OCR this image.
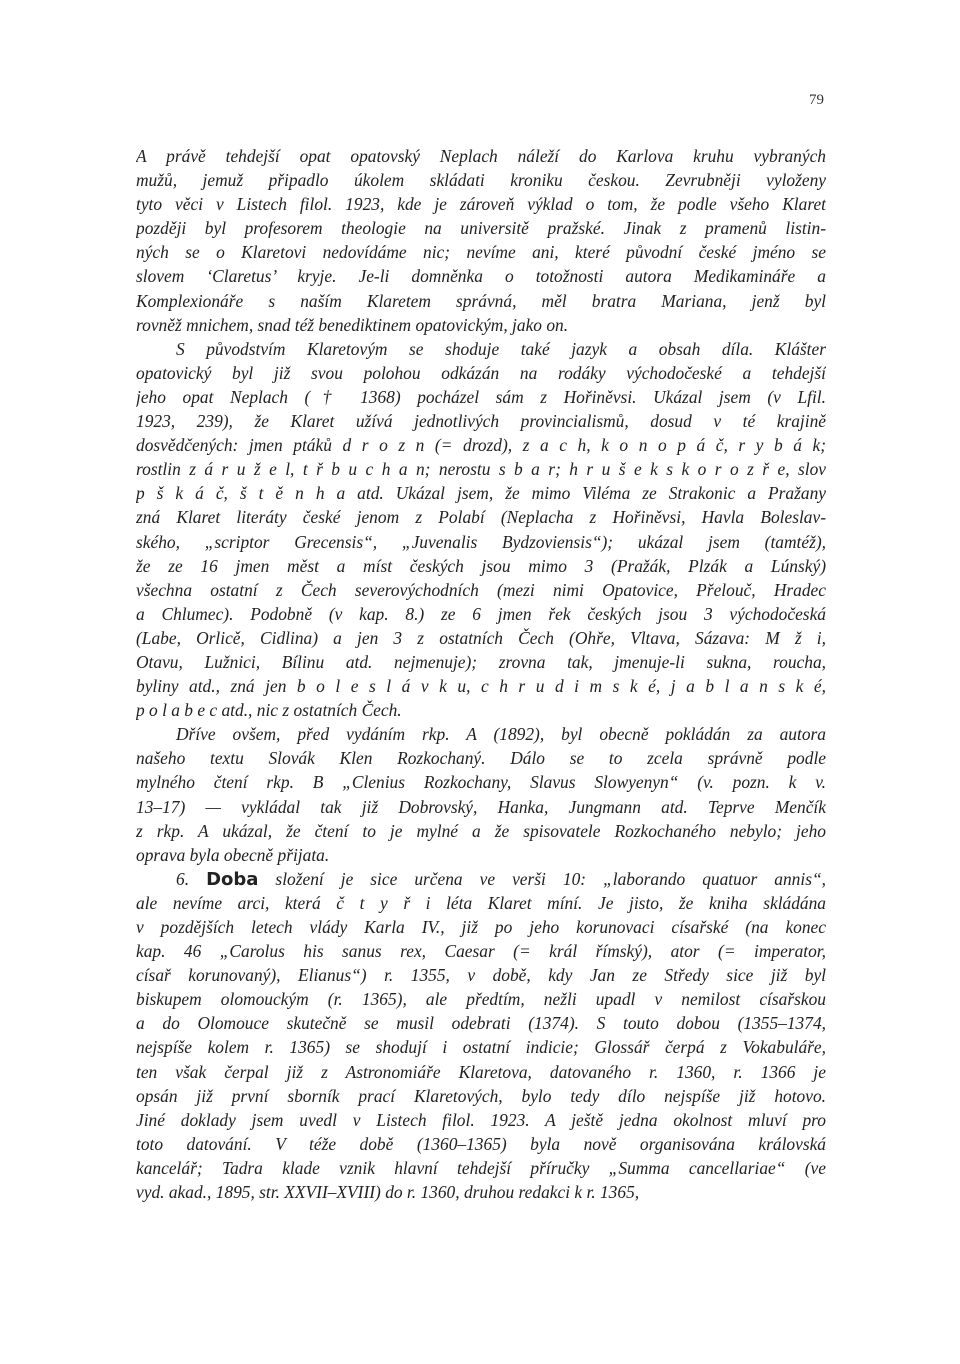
79
A právě tehdejší opat opatovský Neplach náleží do Karlova kruhu vybraných
mužů, jemuž připadlo úkolem skládati kroniku českou. Zevrubněji vyloženy
tyto věci v Listech filol. 1923, kde je zároveň výklad o tom, že podle všeho Klaret
později byl profesorem theologie na universitě pražské. Jinak z pramenů listin-
ných se o Klaretovi nedovídáme nic; nevíme ani, které původní české jméno se
slovem ‘Claretus’ kryje. Je-li domněnka o totožnosti autora Medikamináře a
Komplexionáře s naším Klaretem správná, měl bratra Mariana, jenž byl
rovněž mnichem, snad též benediktinem opatovickým, jako on.
S původstvím Klaretovým se shoduje také jazyk a obsah díla. Klášter
opatovický byl již svou polohou odkázán na rodáky východočeské a tehdejší
jeho opat Neplach († 1368) pocházel sám z Hořiněvsi. Ukázal jsem (v Lfil.
1923, 239), že Klaret užívá jednotlivých provincialismů, dosud v té krajině
dosvědčených: jmen ptáků d r o z n (= drozd), z a c h, k o n o p á č, r y b á k;
rostlin z á r u ž e l, t ř b u c h a n; nerostu s b a r; h r u š e k s k o r o z ř e, slov
p š k á č, š t ě n h a atd. Ukázal jsem, že mimo Viléma ze Strakonic a Pražany
zná Klaret literáty české jenom z Polabí (Neplacha z Hořiněvsi, Havla Boleslav-
ského, „scriptor Grecensis“, „Juvenalis Bydzoviensis“); ukázal jsem (tamtéž),
že ze 16 jmen měst a míst českých jsou mimo 3 (Pražák, Plzák a Lúnský)
všechna ostatní z Čech severovýchodních (mezi nimi Opatovice, Přelouč, Hradec
a Chlumec). Podobně (v kap. 8.) ze 6 jmen řek českých jsou 3 východočeská
(Labe, Orlicě, Cidlina) a jen 3 z ostatních Čech (Ohře, Vltava, Sázava: M ž i,
Otavu, Lužnici, Bílinu atd. nejmenuje); zrovna tak, jmenuje-li sukna, roucha,
byliny atd., zná jen b o l e s l á v k u, c h r u d i m s k é, j a b l a n s k é,
p o l a b e c atd., nic z ostatních Čech.
Dříve ovšem, před vydáním rkp. A (1892), byl obecně pokládán za autora
našeho textu Slovák Klen Rozkochaný. Dálo se to zcela správně podle
mylného čtení rkp. B „Clenius Rozkochany, Slavus Slowyenyn“ (v. pozn. k v.
13–17) — vykládal tak již Dobrovský, Hanka, Jungmann atd. Teprve Menčík
z rkp. A ukázal, že čtení to je mylné a že spisovatele Rozkochaného nebylo; jeho
oprava byla obecně přijata.
6. Doba složení je sice určena ve verši 10: „laborando quatuor annis“,
ale nevíme arci, která č t y ř i léta Klaret míní. Je jisto, že kniha skládána
v pozdějších letech vlády Karla IV., již po jeho korunovaci císařské (na konec
kap. 46 „Carolus his sanus rex, Caesar (= král římský), ator (= imperator,
císař korunovaný), Elianus“) r. 1355, v době, kdy Jan ze Středy sice již byl
biskupem olomouckým (r. 1365), ale předtím, nežli upadl v nemilost císařskou
a do Olomouce skutečně se musil odebrati (1374). S touto dobou (1355–1374,
nejspíše kolem r. 1365) se shodují i ostatní indicie; Glossář čerpá z Vokabuláře,
ten však čerpal již z Astronomiáře Klaretova, datovaného r. 1360, r. 1366 je
opsán již první sborník prací Klaretových, bylo tedy dílo nejspíše již hotovo.
Jiné doklady jsem uvedl v Listech filol. 1923. A ještě jedna okolnost mluví pro
toto datování. V téže době (1360–1365) byla nově organisována královská
kancelář; Tadra klade vznik hlavní tehdejší příručky „Summa cancellariae“ (ve
vyd. akad., 1895, str. XXVII–XVIII) do r. 1360, druhou redakci k r. 1365,
